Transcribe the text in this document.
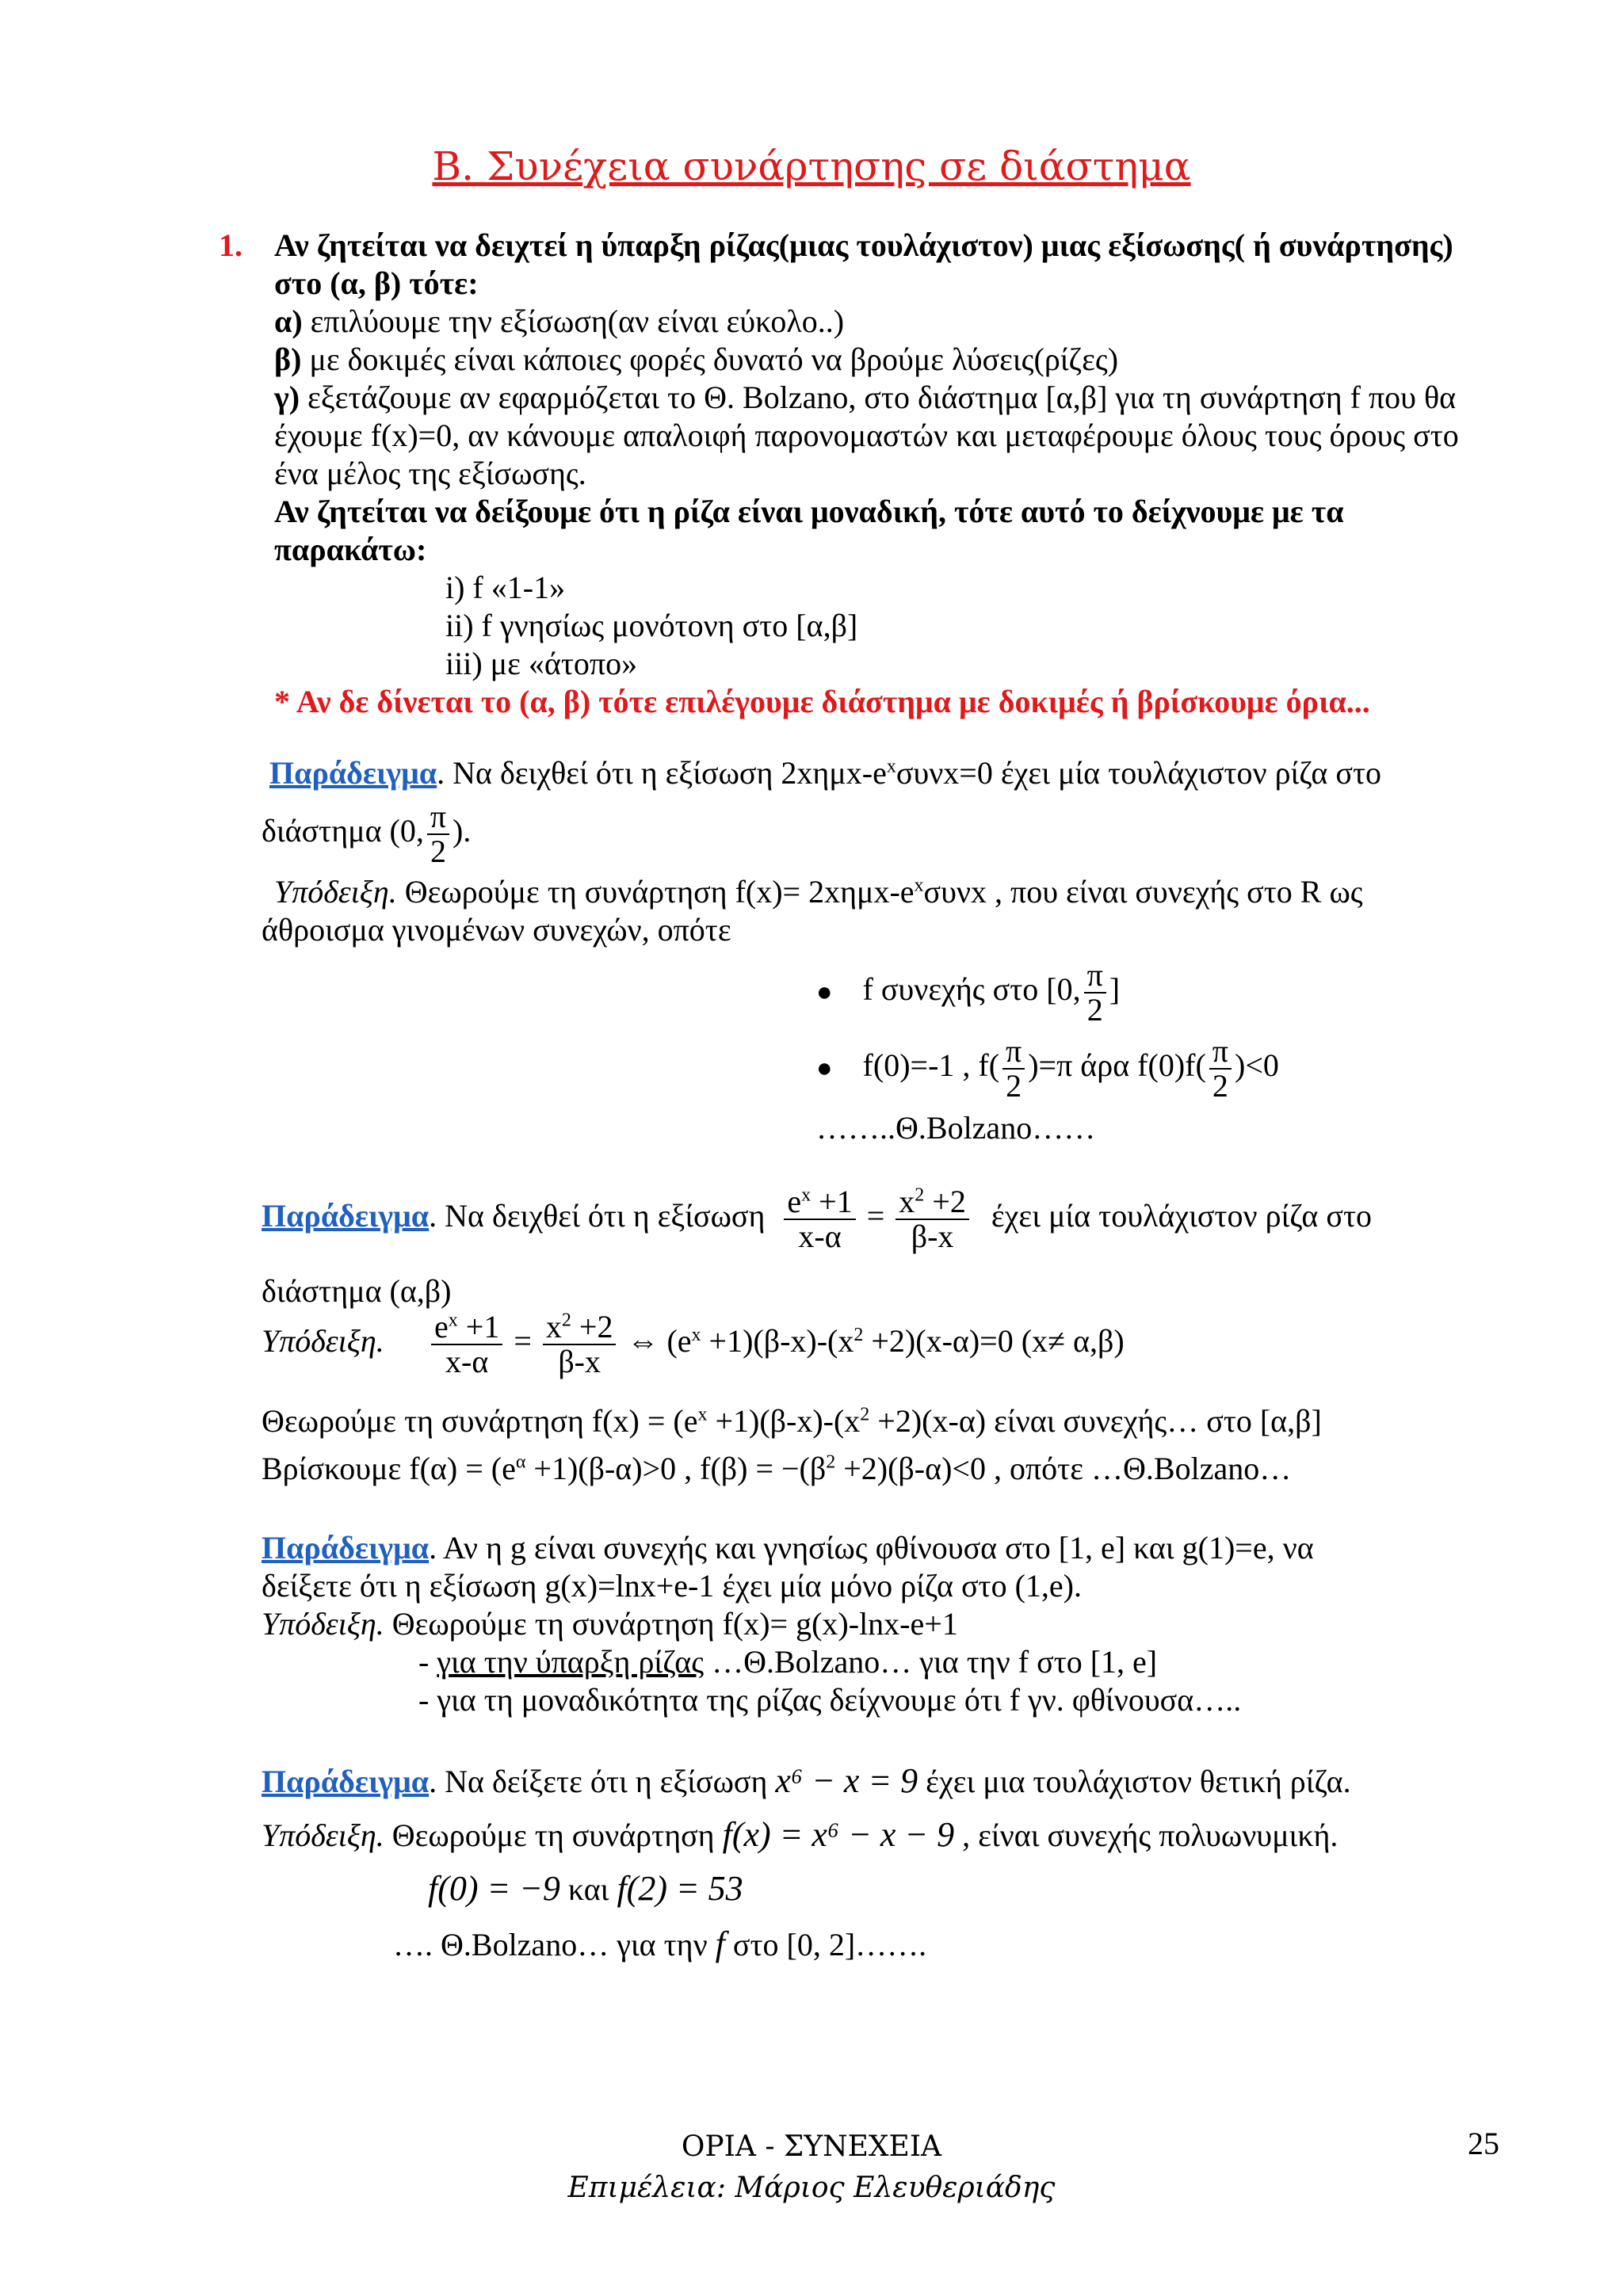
Β. Συνέχεια συνάρτησης σε διάστημα
1. Αν ζητείται να δειχτεί η ύπαρξη ρίζας(μιας τουλάχιστον) μιας εξίσωσης( ή συνάρτησης)
στο (α, β) τότε:
α) επιλύουμε την εξίσωση(αν είναι εύκολο..)
β) με δοκιμές είναι κάποιες φορές δυνατό να βρούμε λύσεις(ρίζες)
γ) εξετάζουμε αν εφαρμόζεται το Θ. Bolzano, στο διάστημα [α,β] για τη συνάρτηση f που θα
έχουμε f(x)=0, αν κάνουμε απαλοιφή παρονομαστών και μεταφέρουμε όλους τους όρους στο
ένα μέλος της εξίσωσης.
Αν ζητείται να δείξουμε ότι η ρίζα είναι μοναδική, τότε αυτό το δείχνουμε με τα
παρακάτω:
i) f «1-1»
ii) f γνησίως μονότονη στο [α,β]
iii) με «άτοπο»
* Αν δε δίνεται το (α, β) τότε επιλέγουμε διάστημα με δοκιμές ή βρίσκουμε όρια...
Παράδειγμα. Να δειχθεί ότι η εξίσωση $2x\eta\mu x-e^x\sigma\upsilon\nu x=0$ έχει μία τουλάχιστον ρίζα στο
διάστημα (0, $\frac{\pi}{2}$ ).
Υπόδειξη. Θεωρούμε τη συνάρτηση $f(x)= 2x\eta\mu x-e^x\sigma\upsilon\nu x$ , που είναι συνεχής στο R ως
άθροισμα γινομένων συνεχών, οπότε
● f συνεχής στο [0, $\frac{\pi}{2}$ ]
● f(0)=-1 , $f( \frac{\pi}{2} )=\pi$ άρα $f(0)f( \frac{\pi}{2} )<0$
……..Θ.Bolzano……
Παράδειγμα. Να δειχθεί ότι η εξίσωση $\frac{e^x +1}{x-\alpha} = \frac{x^2 +2}{\beta-x}$ έχει μία τουλάχιστον ρίζα στο
διάστημα (α,β)
Υπόδειξη. $\frac{e^x +1}{x-\alpha} = \frac{x^2 +2}{\beta-x}$ ⇔ $(e^x +1)(\beta-x)-(x^2 +2)(x-\alpha)=0$ (x≠ α,β)
Θεωρούμε τη συνάρτηση $f(x) = (e^x +1)(\beta-x)-(x^2 +2)(x-\alpha)$ είναι συνεχής… στο [α,β]
Βρίσκουμε $f(\alpha) = (e^\alpha +1)(\beta-\alpha)>0$ , $f(\beta) = -(\beta^2 +2)(\beta-\alpha)<0$ , οπότε …Θ.Bolzano…
Παράδειγμα. Αν η g είναι συνεχής και γνησίως φθίνουσα στο [1, e] και g(1)=e, να
δείξετε ότι η εξίσωση g(x)=lnx+e-1 έχει μία μόνο ρίζα στο (1,e).
Υπόδειξη. Θεωρούμε τη συνάρτηση f(x)= g(x)-lnx-e+1
- για την ύπαρξη ρίζας …Θ.Bolzano… για την f στο [1, e]
- για τη μοναδικότητα της ρίζας δείχνουμε ότι f γν. φθίνουσα…..
Παράδειγμα. Να δείξετε ότι η εξίσωση x⁶ − x = 9 έχει μια τουλάχιστον θετική ρίζα.
Υπόδειξη. Θεωρούμε τη συνάρτηση f(x) = x⁶ − x − 9 , είναι συνεχής πολυωνυμική.
f(0) = −9 και f(2) = 53
…. Θ.Bolzano… για την f στο [0, 2]…….
ΟΡΙΑ - ΣΥΝΕΧΕΙΑ
Επιμέλεια: Μάριος Ελευθεριάδης
25
